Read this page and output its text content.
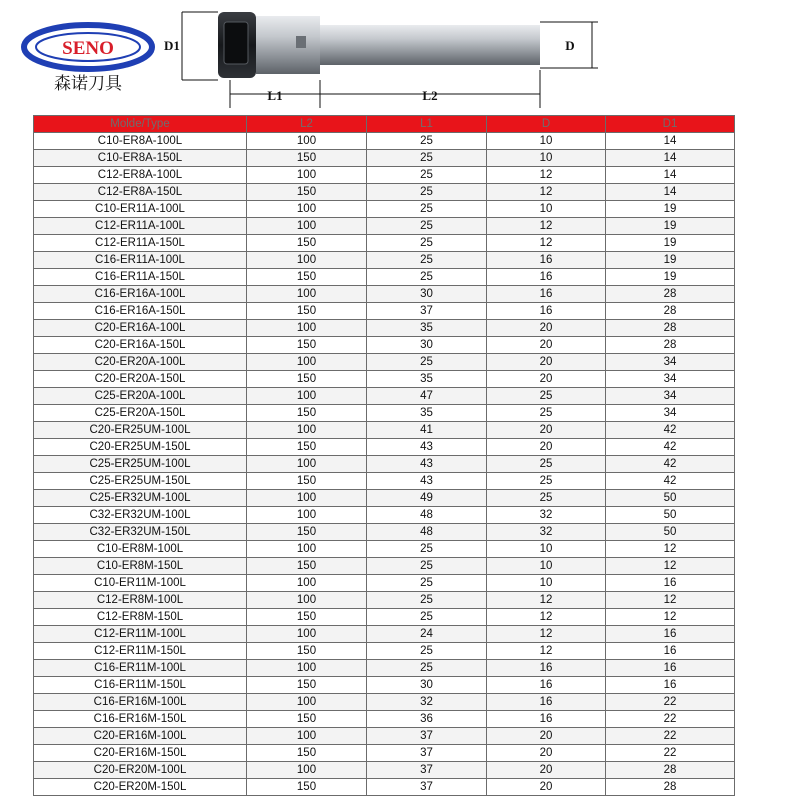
SENO
森诺刀具
D1	D
L1	L2
Molde/Type	L2	L1	D	D1
C10-ER8A-100L	100	25	10	14
C10-ER8A-150L	150	25	10	14
C12-ER8A-100L	100	25	12	14
C12-ER8A-150L	150	25	12	14
C10-ER11A-100L	100	25	10	19
C12-ER11A-100L	100	25	12	19
C12-ER11A-150L	150	25	12	19
C16-ER11A-100L	100	25	16	19
C16-ER11A-150L	150	25	16	19
C16-ER16A-100L	100	30	16	28
C16-ER16A-150L	150	37	16	28
C20-ER16A-100L	100	35	20	28
C20-ER16A-150L	150	30	20	28
C20-ER20A-100L	100	25	20	34
C20-ER20A-150L	150	35	20	34
C25-ER20A-100L	100	47	25	34
C25-ER20A-150L	150	35	25	34
C20-ER25UM-100L	100	41	20	42
C20-ER25UM-150L	150	43	20	42
C25-ER25UM-100L	100	43	25	42
C25-ER25UM-150L	150	43	25	42
C25-ER32UM-100L	100	49	25	50
C32-ER32UM-100L	100	48	32	50
C32-ER32UM-150L	150	48	32	50
C10-ER8M-100L	100	25	10	12
C10-ER8M-150L	150	25	10	12
C10-ER11M-100L	100	25	10	16
C12-ER8M-100L	100	25	12	12
C12-ER8M-150L	150	25	12	12
C12-ER11M-100L	100	24	12	16
C12-ER11M-150L	150	25	12	16
C16-ER11M-100L	100	25	16	16
C16-ER11M-150L	150	30	16	16
C16-ER16M-100L	100	32	16	22
C16-ER16M-150L	150	36	16	22
C20-ER16M-100L	100	37	20	22
C20-ER16M-150L	150	37	20	22
C20-ER20M-100L	100	37	20	28
C20-ER20M-150L	150	37	20	28
